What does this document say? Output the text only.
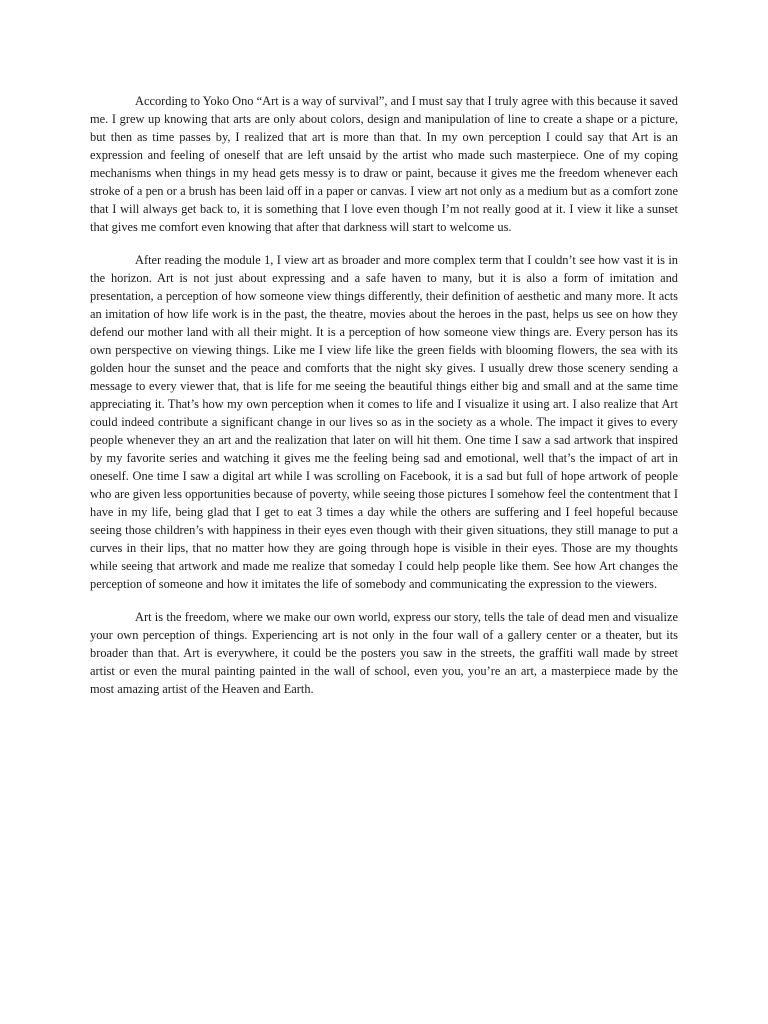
According to Yoko Ono “Art is a way of survival”, and I must say that I truly agree with this because it saved me. I grew up knowing that arts are only about colors, design and manipulation of line to create a shape or a picture, but then as time passes by, I realized that art is more than that. In my own perception I could say that Art is an expression and feeling of oneself that are left unsaid by the artist who made such masterpiece. One of my coping mechanisms when things in my head gets messy is to draw or paint, because it gives me the freedom whenever each stroke of a pen or a brush has been laid off in a paper or canvas. I view art not only as a medium but as a comfort zone that I will always get back to, it is something that I love even though I’m not really good at it. I view it like a sunset that gives me comfort even knowing that after that darkness will start to welcome us.

After reading the module 1, I view art as broader and more complex term that I couldn’t see how vast it is in the horizon. Art is not just about expressing and a safe haven to many, but it is also a form of imitation and presentation, a perception of how someone view things differently, their definition of aesthetic and many more. It acts an imitation of how life work is in the past, the theatre, movies about the heroes in the past, helps us see on how they defend our mother land with all their might. It is a perception of how someone view things are. Every person has its own perspective on viewing things. Like me I view life like the green fields with blooming flowers, the sea with its golden hour the sunset and the peace and comforts that the night sky gives. I usually drew those scenery sending a message to every viewer that, that is life for me seeing the beautiful things either big and small and at the same time appreciating it. That’s how my own perception when it comes to life and I visualize it using art. I also realize that Art could indeed contribute a significant change in our lives so as in the society as a whole. The impact it gives to every people whenever they an art and the realization that later on will hit them. One time I saw a sad artwork that inspired by my favorite series and watching it gives me the feeling being sad and emotional, well that’s the impact of art in oneself. One time I saw a digital art while I was scrolling on Facebook, it is a sad but full of hope artwork of people who are given less opportunities because of poverty, while seeing those pictures I somehow feel the contentment that I have in my life, being glad that I get to eat 3 times a day while the others are suffering and I feel hopeful because seeing those children’s with happiness in their eyes even though with their given situations, they still manage to put a curves in their lips, that no matter how they are going through hope is visible in their eyes. Those are my thoughts while seeing that artwork and made me realize that someday I could help people like them. See how Art changes the perception of someone and how it imitates the life of somebody and communicating the expression to the viewers.

Art is the freedom, where we make our own world, express our story, tells the tale of dead men and visualize your own perception of things. Experiencing art is not only in the four wall of a gallery center or a theater, but its broader than that. Art is everywhere, it could be the posters you saw in the streets, the graffiti wall made by street artist or even the mural painting painted in the wall of school, even you, you’re an art, a masterpiece made by the most amazing artist of the Heaven and Earth.
